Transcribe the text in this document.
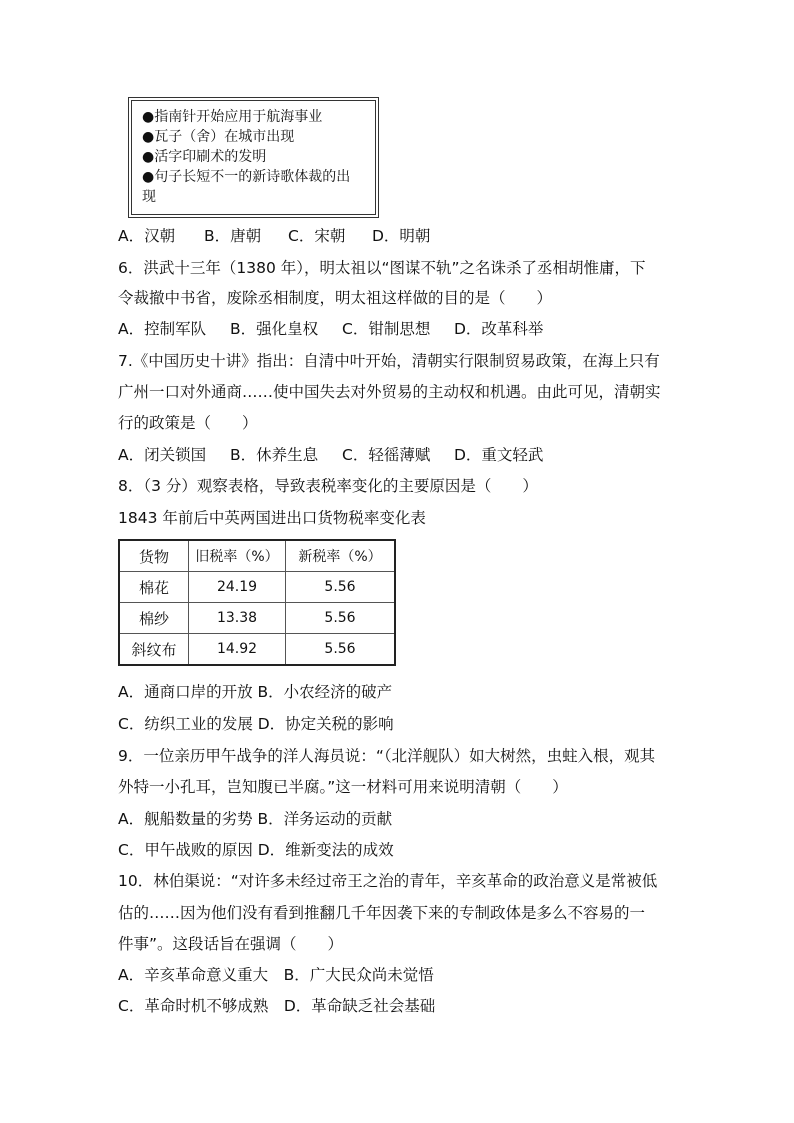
●指南针开始应用于航海事业
●瓦子（舍）在城市出现
●活字印刷术的发明
●句子长短不一的新诗歌体裁的出
现
A．汉朝 B．唐朝 C．宋朝 D．明朝
6．洪武十三年（1380 年），明太祖以“图谋不轨”之名诛杀了丞相胡惟庸，下
令裁撤中书省，废除丞相制度，明太祖这样做的目的是（　　）
A．控制军队 B．强化皇权 C．钳制思想 D．改革科举
7.《中国历史十讲》指出：自清中叶开始，清朝实行限制贸易政策，在海上只有
广州一口对外通商……使中国失去对外贸易的主动权和机遇。由此可见，清朝实
行的政策是（　　）
A．闭关锁国 B．休养生息 C．轻徭薄赋 D．重文轻武
8．（3 分）观察表格，导致表税率变化的主要原因是（　　）
1843 年前后中英两国进出口货物税率变化表
货物	旧税率（%）	新税率（%）
棉花	24.19	5.56
棉纱	13.38	5.56
斜纹布	14.92	5.56
A．通商口岸的开放 B．小农经济的破产
C．纺织工业的发展 D．协定关税的影响
9．一位亲历甲午战争的洋人海员说：“（北洋舰队）如大树然，虫蛀入根，观其
外特一小孔耳，岂知腹已半腐。”这一材料可用来说明清朝（　　）
A．舰船数量的劣势 B．洋务运动的贡献
C．甲午战败的原因 D．维新变法的成效
10．林伯渠说：“对许多未经过帝王之治的青年，辛亥革命的政治意义是常被低
估的……因为他们没有看到推翻几千年因袭下来的专制政体是多么不容易的一
件事”。这段话旨在强调（　　）
A．辛亥革命意义重大　B．广大民众尚未觉悟
C．革命时机不够成熟　D．革命缺乏社会基础
